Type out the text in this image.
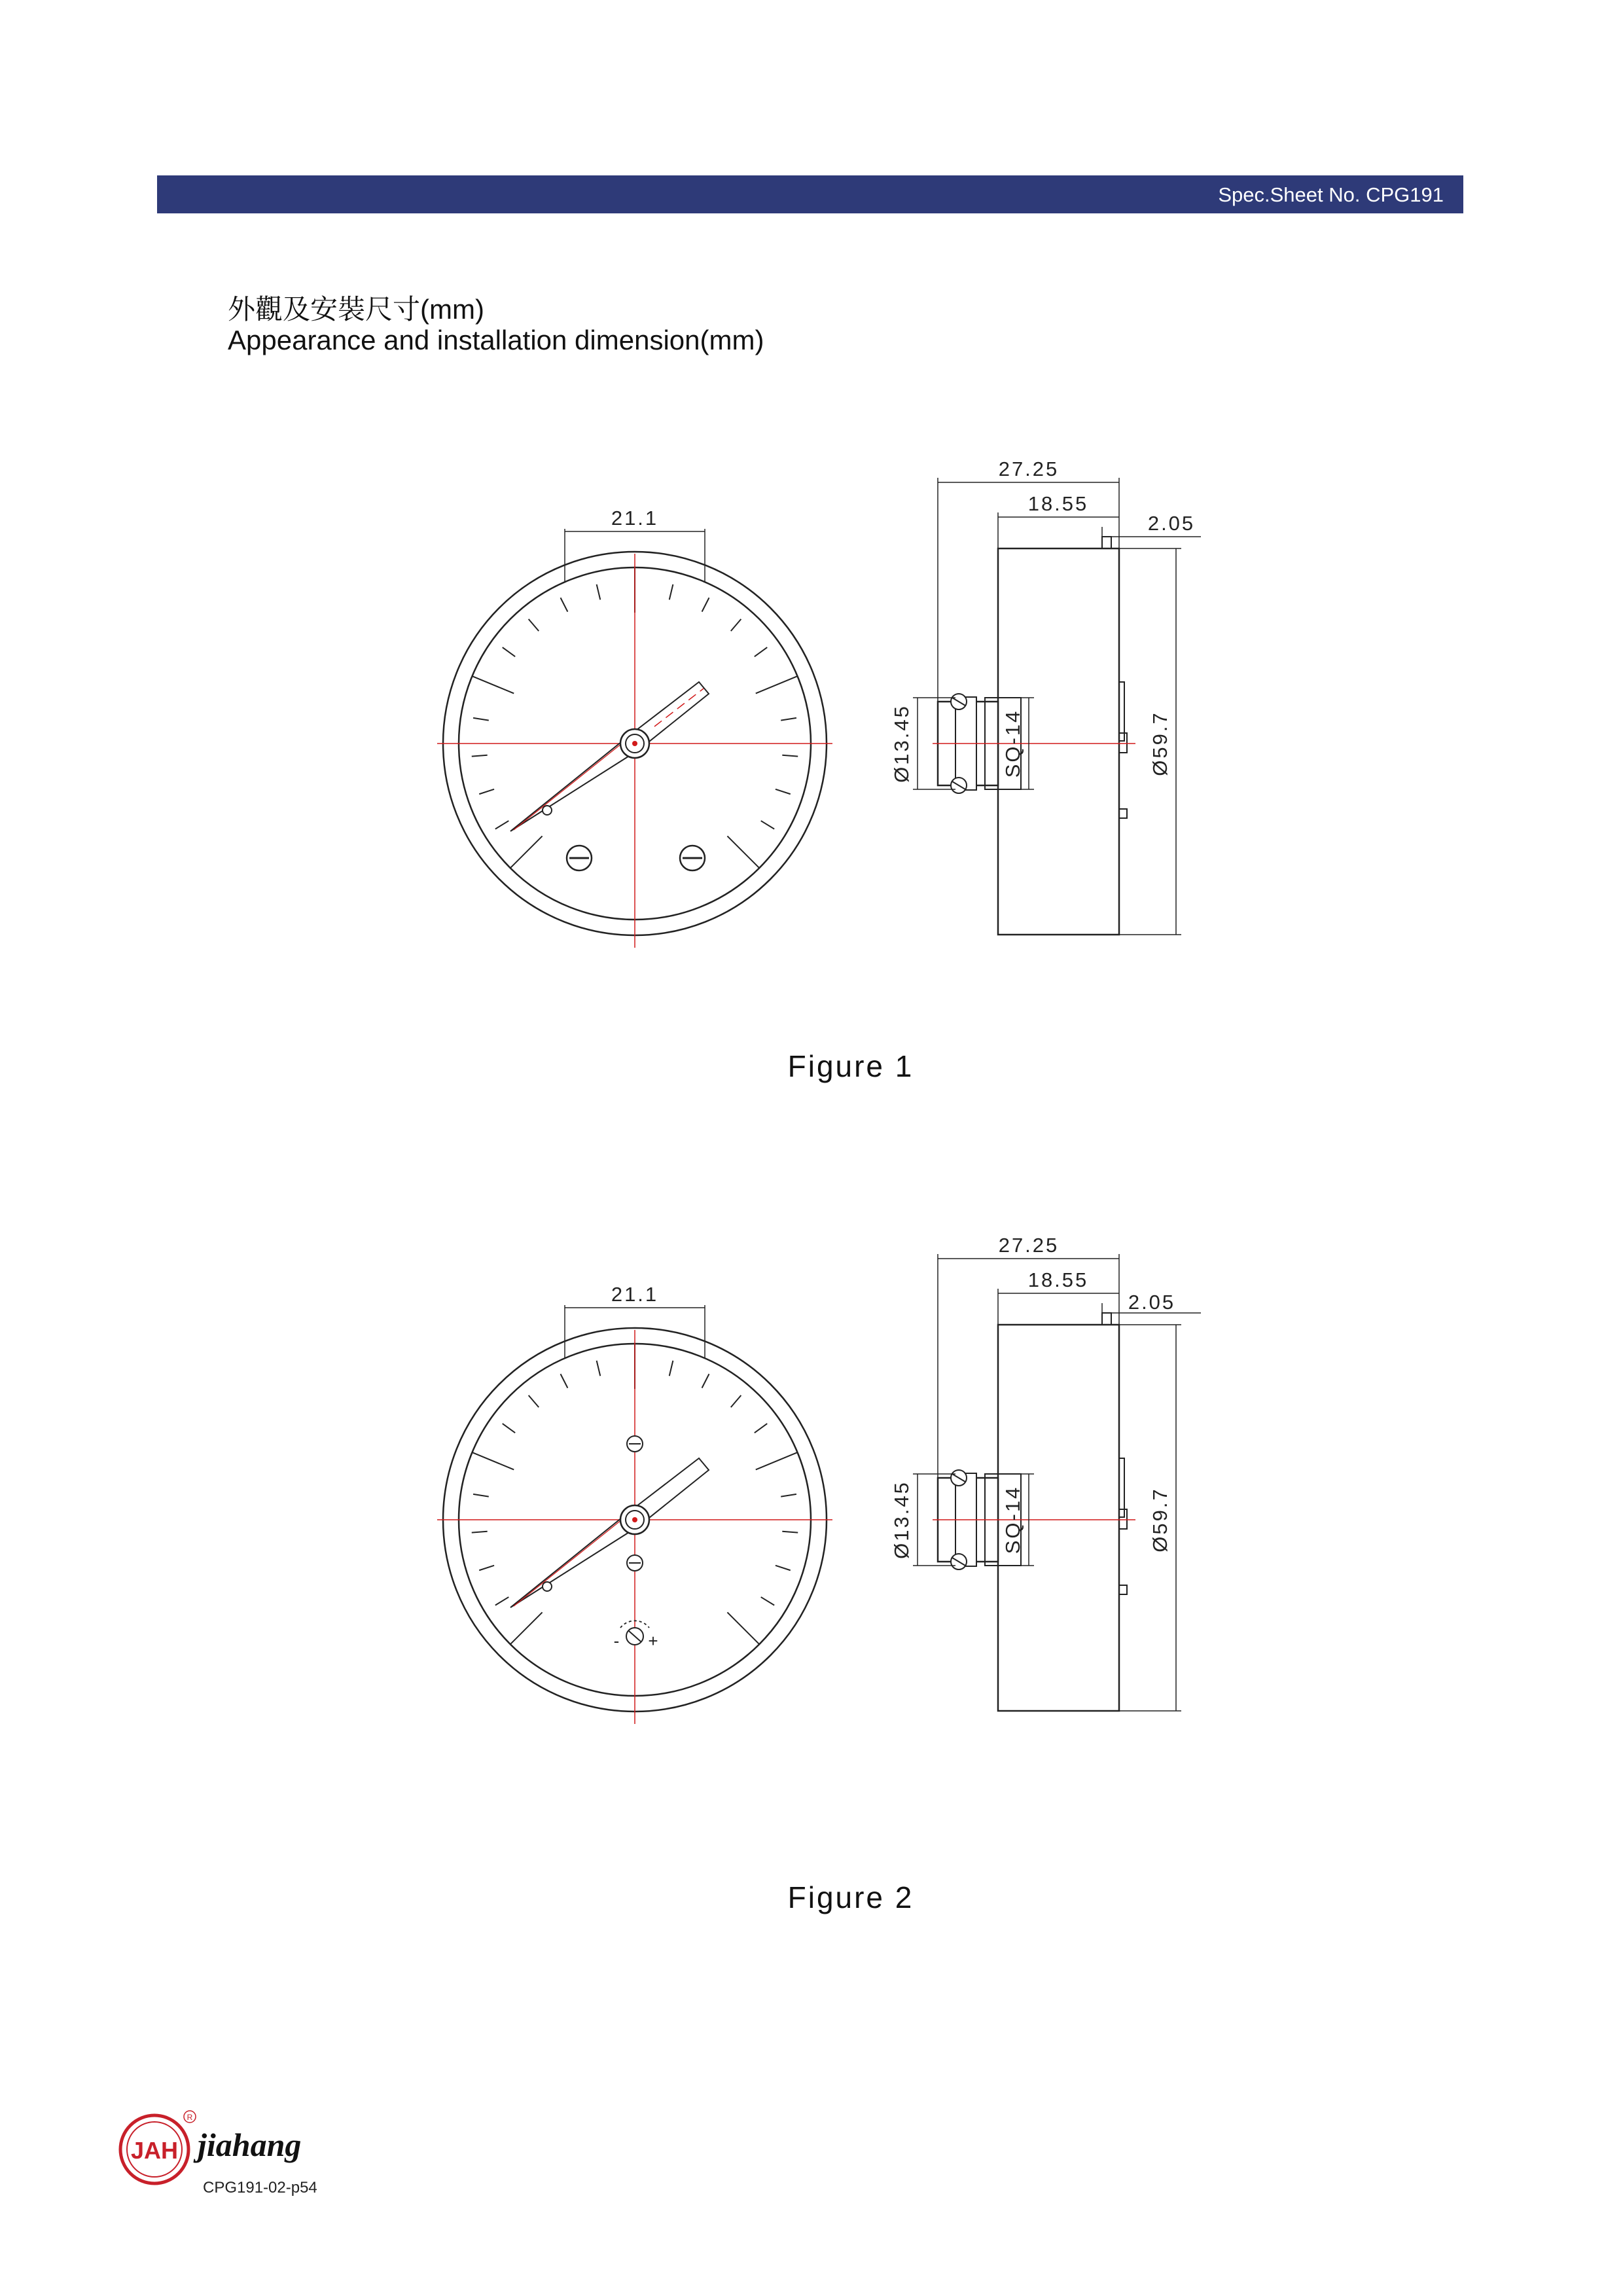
Spec.Sheet No. CPG191
外觀及安裝尺寸(mm)
Appearance and installation dimension(mm)
21.1
27.25
18.55
2.05
Ø13.45	SQ-14	Ø59.7
Figure 1
- +
21.1
27.25
18.55
2.05
Ø13.45	SQ-14	Ø59.7
Figure 2
JAH
R
jiahang
CPG191-02-p54
